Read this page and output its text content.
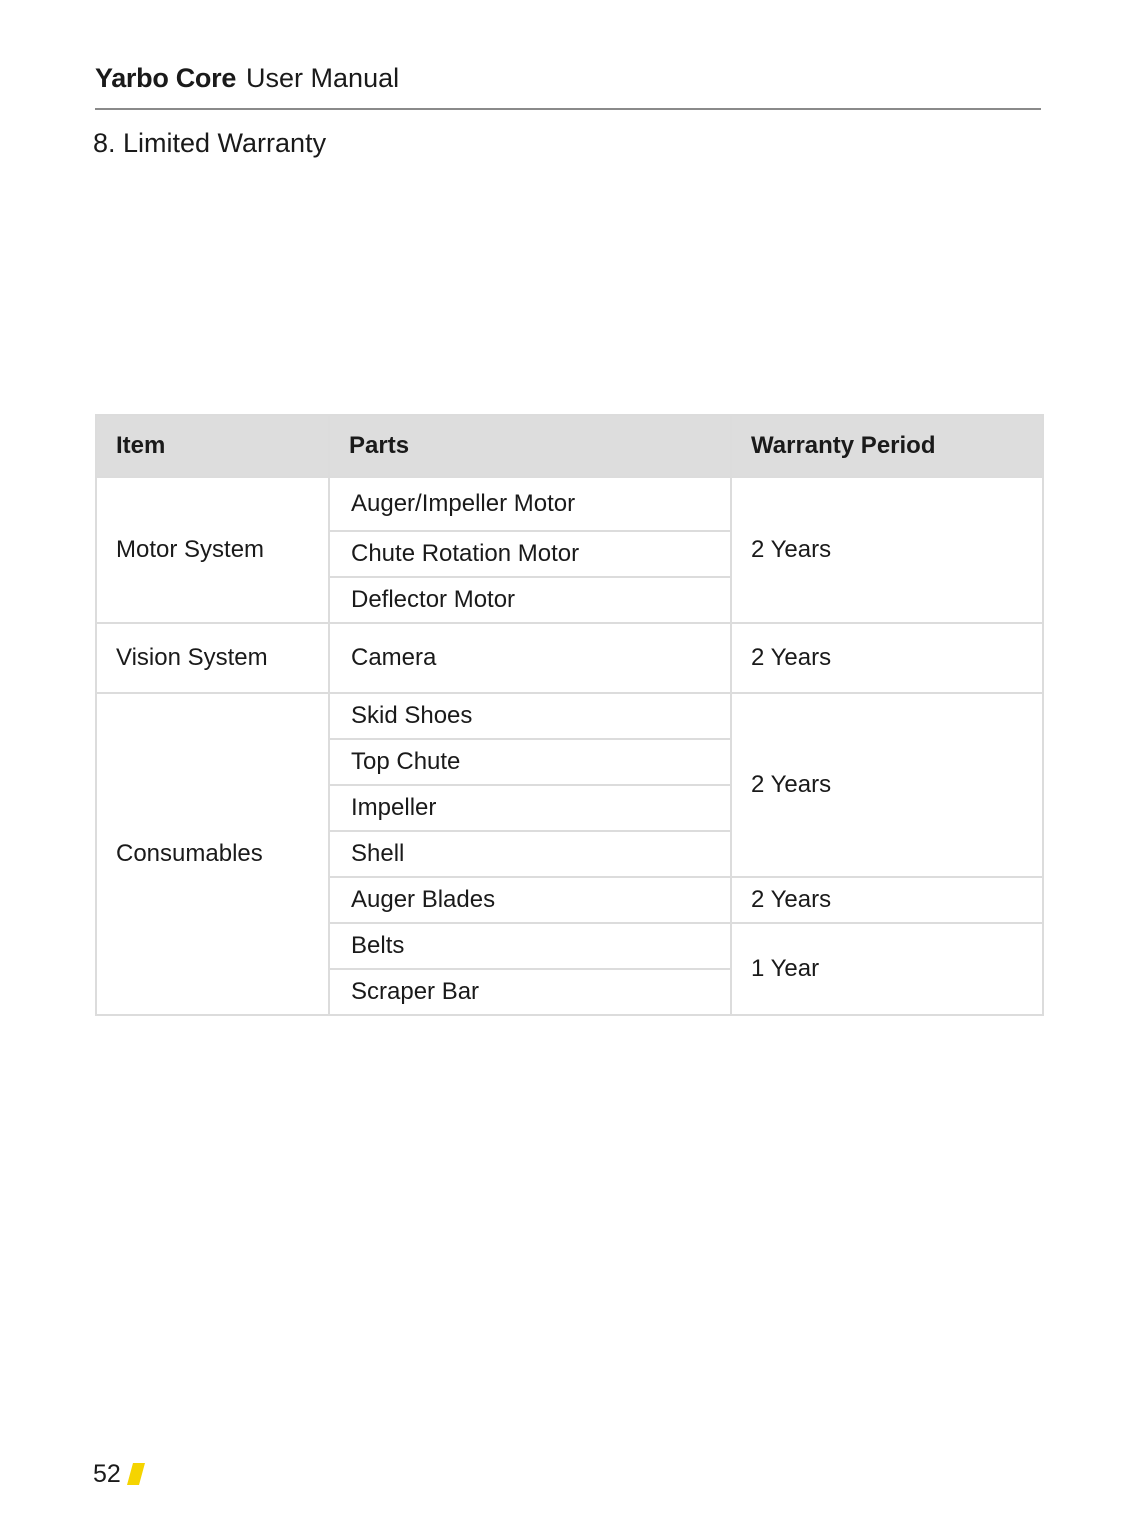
Yarbo Core User Manual
8. Limited Warranty
Item	Parts	Warranty Period
Motor System	Auger/Impeller Motor	2 Years
	Chute Rotation Motor	
	Deflector Motor	
Vision System	Camera	2 Years
Consumables	Skid Shoes	2 Years
	Top Chute	
	Impeller	
	Shell	
	Auger Blades	2 Years
	Belts	1 Year
	Scraper Bar	
52
